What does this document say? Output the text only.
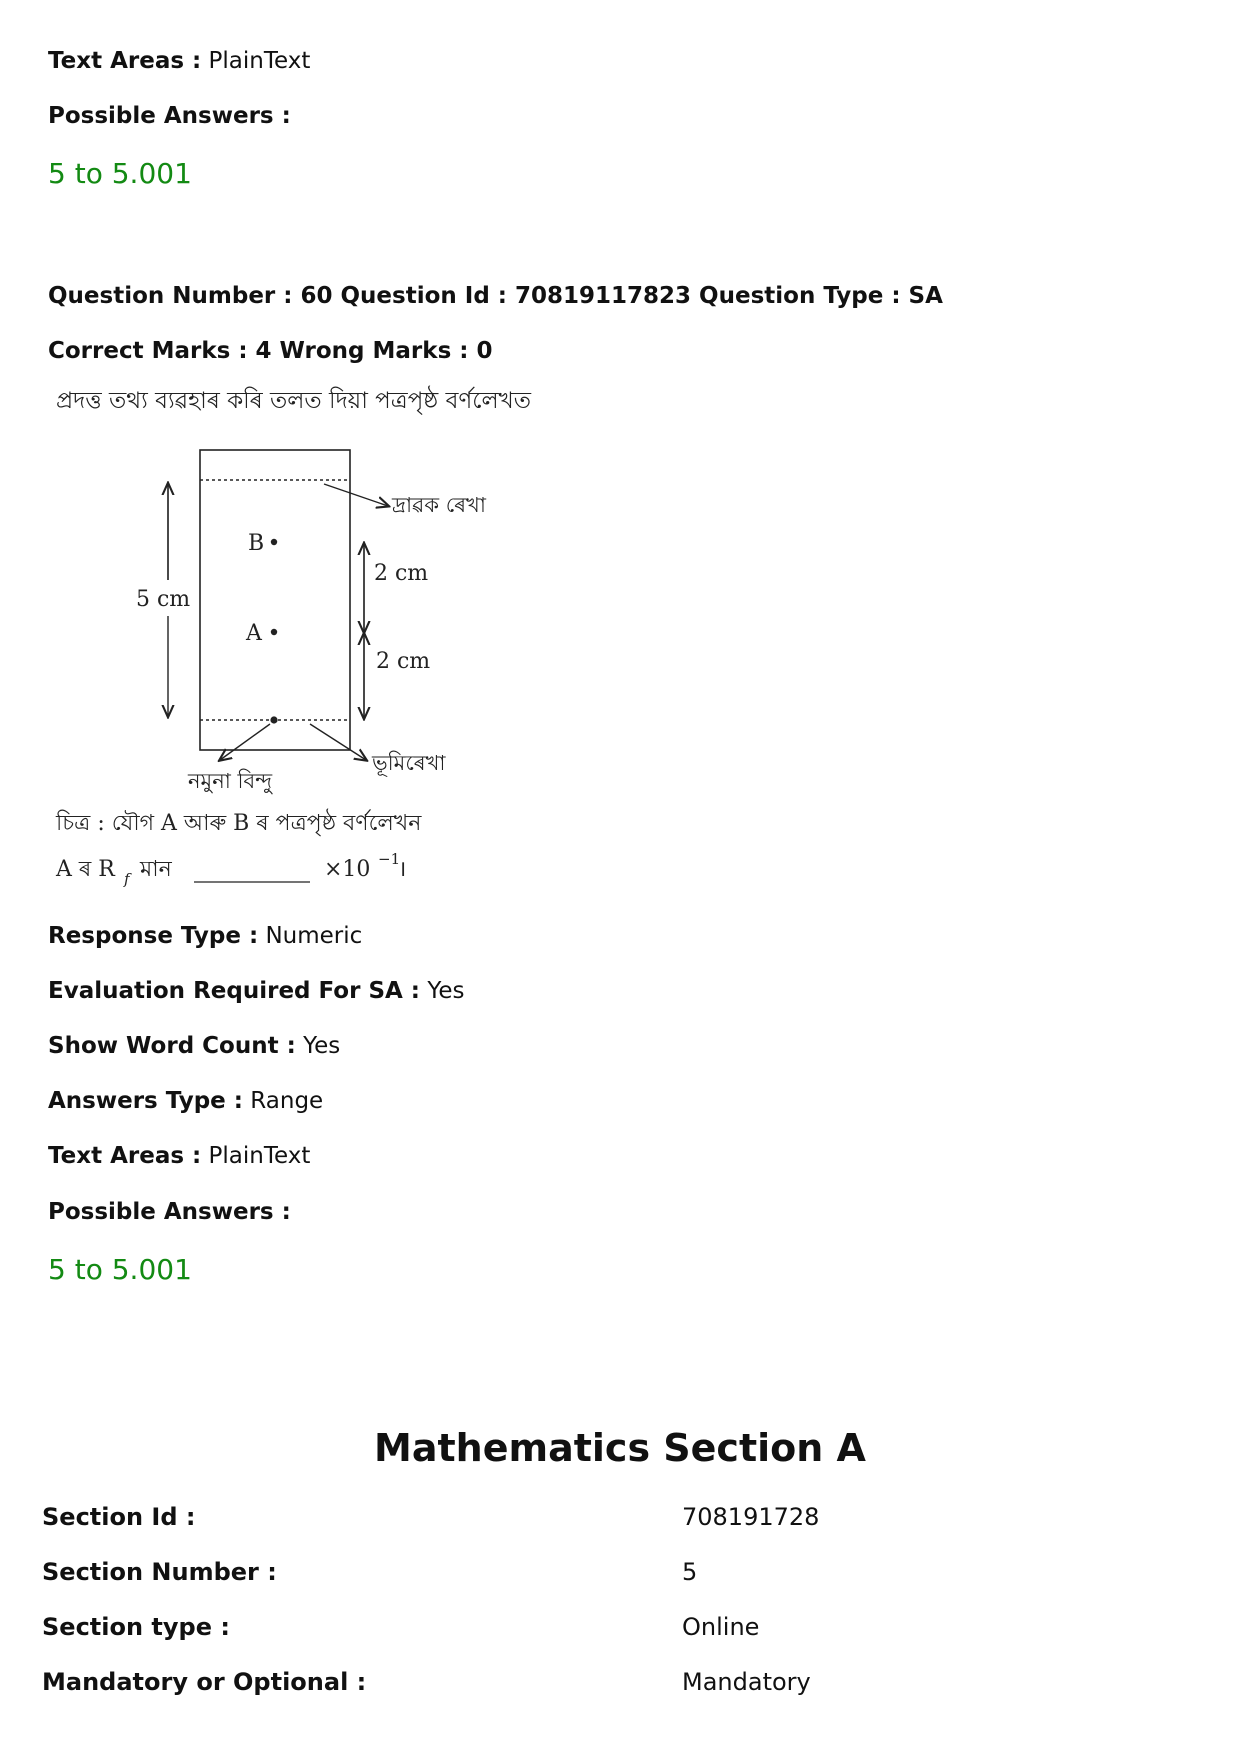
Text Areas : PlainText
Possible Answers :
5 to 5.001
Question Number : 60 Question Id : 70819117823 Question Type : SA
Correct Marks : 4 Wrong Marks : 0
প্ৰদত্ত তথ্য ব্যৱহাৰ কৰি তলত দিয়া পত্ৰপৃষ্ঠ বৰ্ণলেখত
B
A
দ্ৰাৱক ৰেখা
5 cm
2 cm
2 cm
ভূমিৰেখা
নমুনা বিন্দু
চিত্ৰ : যৌগ A আৰু B ৰ পত্ৰপৃষ্ঠ বৰ্ণলেখন
A ৰ R f মান	×10 −1
।
Response Type : Numeric
Evaluation Required For SA : Yes
Show Word Count : Yes
Answers Type : Range
Text Areas : PlainText
Possible Answers :
5 to 5.001
Mathematics Section A
Section Id :	708191728
Section Number :	5
Section type :	Online
Mandatory or Optional :	Mandatory
